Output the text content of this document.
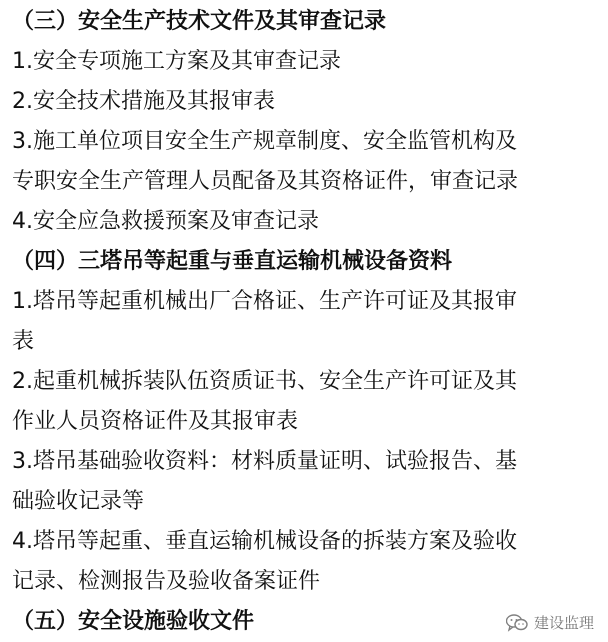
（三）安全生产技术文件及其审查记录
1.安全专项施工方案及其审查记录
2.安全技术措施及其报审表
3.施工单位项目安全生产规章制度、安全监管机构及
专职安全生产管理人员配备及其资格证件，审查记录
4.安全应急救援预案及审查记录
（四）三塔吊等起重与垂直运输机械设备资料
1.塔吊等起重机械出厂合格证、生产许可证及其报审
表
2.起重机械拆装队伍资质证书、安全生产许可证及其
作业人员资格证件及其报审表
3.塔吊基础验收资料：材料质量证明、试验报告、基
础验收记录等
4.塔吊等起重、垂直运输机械设备的拆装方案及验收
记录、检测报告及验收备案证件
（五）安全设施验收文件	建设监理
